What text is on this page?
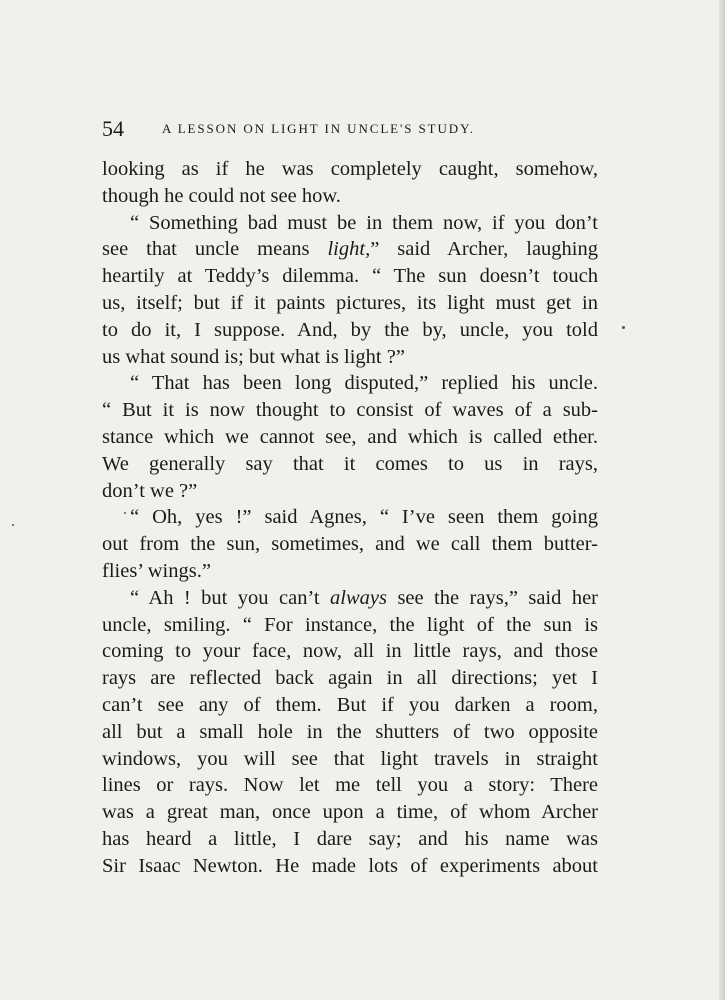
54	A LESSON ON LIGHT IN UNCLE'S STUDY.
looking as if he was completely caught, somehow,
though he could not see how.
“ Something bad must be in them now, if you don’t
see that uncle means light,” said Archer, laughing
heartily at Teddy’s dilemma. “ The sun doesn’t touch
us, itself; but if it paints pictures, its light must get in
to do it, I suppose. And, by the by, uncle, you told
us what sound is; but what is light ?”
“ That has been long disputed,” replied his uncle.
“ But it is now thought to consist of waves of a sub-
stance which we cannot see, and which is called ether.
We generally say that it comes to us in rays,
don’t we ?”
“ Oh, yes !” said Agnes, “ I’ve seen them going
out from the sun, sometimes, and we call them butter-
flies’ wings.”
“ Ah ! but you can’t always see the rays,” said her
uncle, smiling. “ For instance, the light of the sun is
coming to your face, now, all in little rays, and those
rays are reflected back again in all directions; yet I
can’t see any of them. But if you darken a room,
all but a small hole in the shutters of two opposite
windows, you will see that light travels in straight
lines or rays. Now let me tell you a story: There
was a great man, once upon a time, of whom Archer
has heard a little, I dare say; and his name was
Sir Isaac Newton. He made lots of experiments about
